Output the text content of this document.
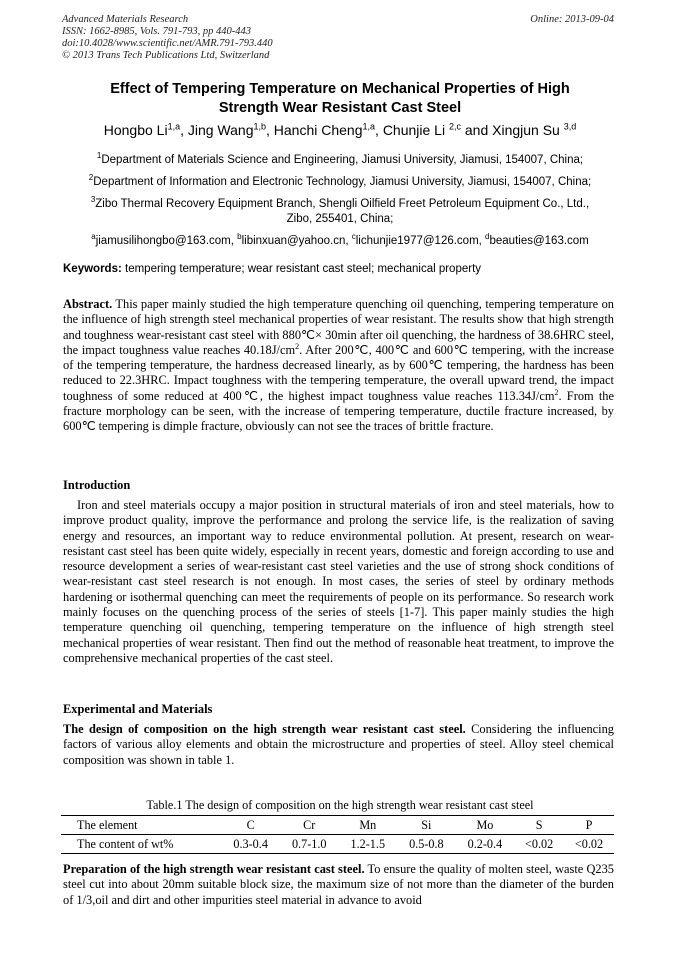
Advanced Materials Research
ISSN: 1662-8985, Vols. 791-793, pp 440-443
doi:10.4028/www.scientific.net/AMR.791-793.440
© 2013 Trans Tech Publications Ltd, Switzerland
Online: 2013-09-04
Effect of Tempering Temperature on Mechanical Properties of High
Strength Wear Resistant Cast Steel
Hongbo Li$^{1,a}$, Jing Wang$^{1,b}$, Hanchi Cheng$^{1,a}$, Chunjie Li $^{2,c}$ and Xingjun Su $^{3,d}$
$^1$Department of Materials Science and Engineering, Jiamusi University, Jiamusi, 154007, China;
$^2$Department of Information and Electronic Technology, Jiamusi University, Jiamusi, 154007, China;
$^3$Zibo Thermal Recovery Equipment Branch, Shengli Oilfield Freet Petroleum Equipment Co., Ltd.,
Zibo, 255401, China;
$^a$jiamusilihongbo@163.com, $^b$libinxuan@yahoo.cn, $^c$lichunjie1977@126.com, $^d$beauties@163.com
Keywords: tempering temperature; wear resistant cast steel; mechanical property
Abstract. This paper mainly studied the high temperature quenching oil quenching, tempering temperature on the influence of high strength steel mechanical properties of wear resistant. The results show that high strength and toughness wear-resistant cast steel with 880℃× 30min after oil quenching, the hardness of 38.6HRC steel, the impact toughness value reaches $40.18J/cm^2$. After 200℃, 400℃ and 600℃ tempering, with the increase of the tempering temperature, the hardness decreased linearly, as by 600℃ tempering, the hardness has been reduced to 22.3HRC. Impact toughness with the tempering temperature, the overall upward trend, the impact toughness of some reduced at 400℃, the highest impact toughness value reaches $113.34J/cm^2$. From the fracture morphology can be seen, with the increase of tempering temperature, ductile fracture increased, by 600℃ tempering is dimple fracture, obviously can not see the traces of brittle fracture.
Introduction
Iron and steel materials occupy a major position in structural materials of iron and steel materials, how to improve product quality, improve the performance and prolong the service life, is the realization of saving energy and resources, an important way to reduce environmental pollution. At present, research on wear-resistant cast steel has been quite widely, especially in recent years, domestic and foreign according to use and resource development a series of wear-resistant cast steel varieties and the use of strong shock conditions of wear-resistant cast steel research is not enough. In most cases, the series of steel by ordinary methods hardening or isothermal quenching can meet the requirements of people on its performance. So research work mainly focuses on the quenching process of the series of steels [1-7]. This paper mainly studies the high temperature quenching oil quenching, tempering temperature on the influence of high strength steel mechanical properties of wear resistant. Then find out the method of reasonable heat treatment, to improve the comprehensive mechanical properties of the cast steel.
Experimental and Materials
The design of composition on the high strength wear resistant cast steel. Considering the influencing factors of various alloy elements and obtain the microstructure and properties of steel. Alloy steel chemical composition was shown in table 1.
Table.1 The design of composition on the high strength wear resistant cast steel
The element	C	Cr	Mn	Si	Mo	S	P
The content of wt%	0.3-0.4	0.7-1.0	1.2-1.5	0.5-0.8	0.2-0.4	<0.02	<0.02
Preparation of the high strength wear resistant cast steel. To ensure the quality of molten steel, waste Q235 steel cut into about 20mm suitable block size, the maximum size of not more than the diameter of the burden of 1/3,oil and dirt and other impurities steel material in advance to avoid
